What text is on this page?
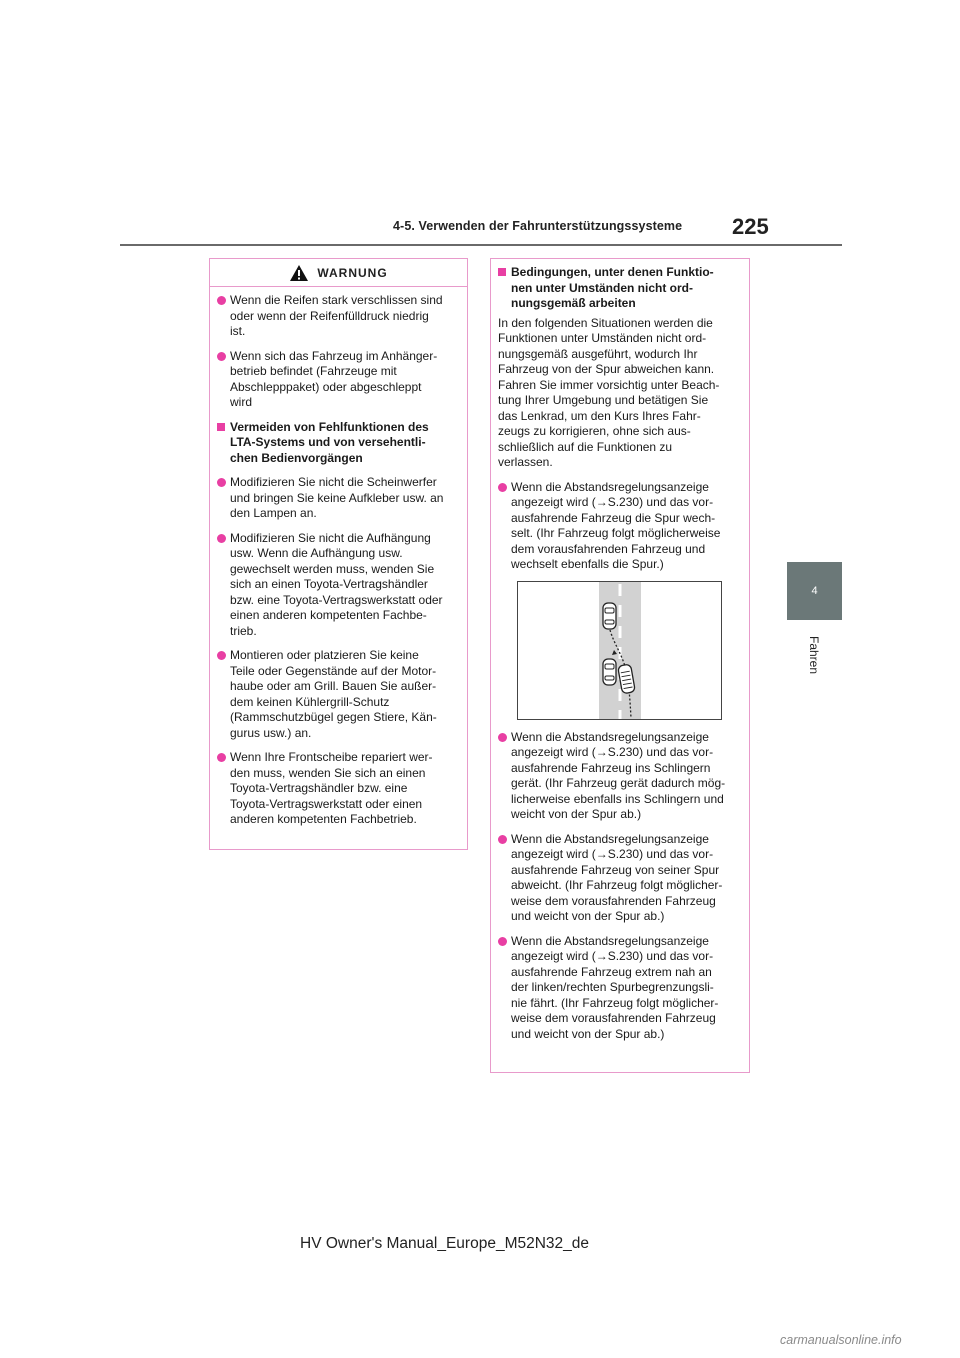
225
4-5. Verwenden der Fahrunterstützungssysteme
4
Fahren
WARNUNG
Wenn die Reifen stark verschlissen sind
oder wenn der Reifenfülldruck niedrig
ist.
Wenn sich das Fahrzeug im Anhänger-
betrieb befindet (Fahrzeuge mit
Abschlepppaket) oder abgeschleppt
wird
Vermeiden von Fehlfunktionen des
LTA-Systems und von versehentli-
chen Bedienvorgängen
Modifizieren Sie nicht die Scheinwerfer
und bringen Sie keine Aufkleber usw. an
den Lampen an.
Modifizieren Sie nicht die Aufhängung
usw. Wenn die Aufhängung usw.
gewechselt werden muss, wenden Sie
sich an einen Toyota-Vertragshändler
bzw. eine Toyota-Vertragswerkstatt oder
einen anderen kompetenten Fachbe-
trieb.
Montieren oder platzieren Sie keine
Teile oder Gegenstände auf der Motor-
haube oder am Grill. Bauen Sie außer-
dem keinen Kühlergrill-Schutz
(Rammschutzbügel gegen Stiere, Kän-
gurus usw.) an.
Wenn Ihre Frontscheibe repariert wer-
den muss, wenden Sie sich an einen
Toyota-Vertragshändler bzw. eine
Toyota-Vertragswerkstatt oder einen
anderen kompetenten Fachbetrieb.
Bedingungen, unter denen Funktio-
nen unter Umständen nicht ord-
nungsgemäß arbeiten
In den folgenden Situationen werden die
Funktionen unter Umständen nicht ord-
nungsgemäß ausgeführt, wodurch Ihr
Fahrzeug von der Spur abweichen kann.
Fahren Sie immer vorsichtig unter Beach-
tung Ihrer Umgebung und betätigen Sie
das Lenkrad, um den Kurs Ihres Fahr-
zeugs zu korrigieren, ohne sich aus-
schließlich auf die Funktionen zu
verlassen.
Wenn die Abstandsregelungsanzeige
angezeigt wird (→S.230) und das vor-
ausfahrende Fahrzeug die Spur wech-
selt. (Ihr Fahrzeug folgt möglicherweise
dem vorausfahrenden Fahrzeug und
wechselt ebenfalls die Spur.)
Wenn die Abstandsregelungsanzeige
angezeigt wird (→S.230) und das vor-
ausfahrende Fahrzeug ins Schlingern
gerät. (Ihr Fahrzeug gerät dadurch mög-
licherweise ebenfalls ins Schlingern und
weicht von der Spur ab.)
Wenn die Abstandsregelungsanzeige
angezeigt wird (→S.230) und das vor-
ausfahrende Fahrzeug von seiner Spur
abweicht. (Ihr Fahrzeug folgt möglicher-
weise dem vorausfahrenden Fahrzeug
und weicht von der Spur ab.)
Wenn die Abstandsregelungsanzeige
angezeigt wird (→S.230) und das vor-
ausfahrende Fahrzeug extrem nah an
der linken/rechten Spurbegrenzungsli-
nie fährt. (Ihr Fahrzeug folgt möglicher-
weise dem vorausfahrenden Fahrzeug
und weicht von der Spur ab.)
HV Owner's Manual_Europe_M52N32_de
carmanualsonline.info
